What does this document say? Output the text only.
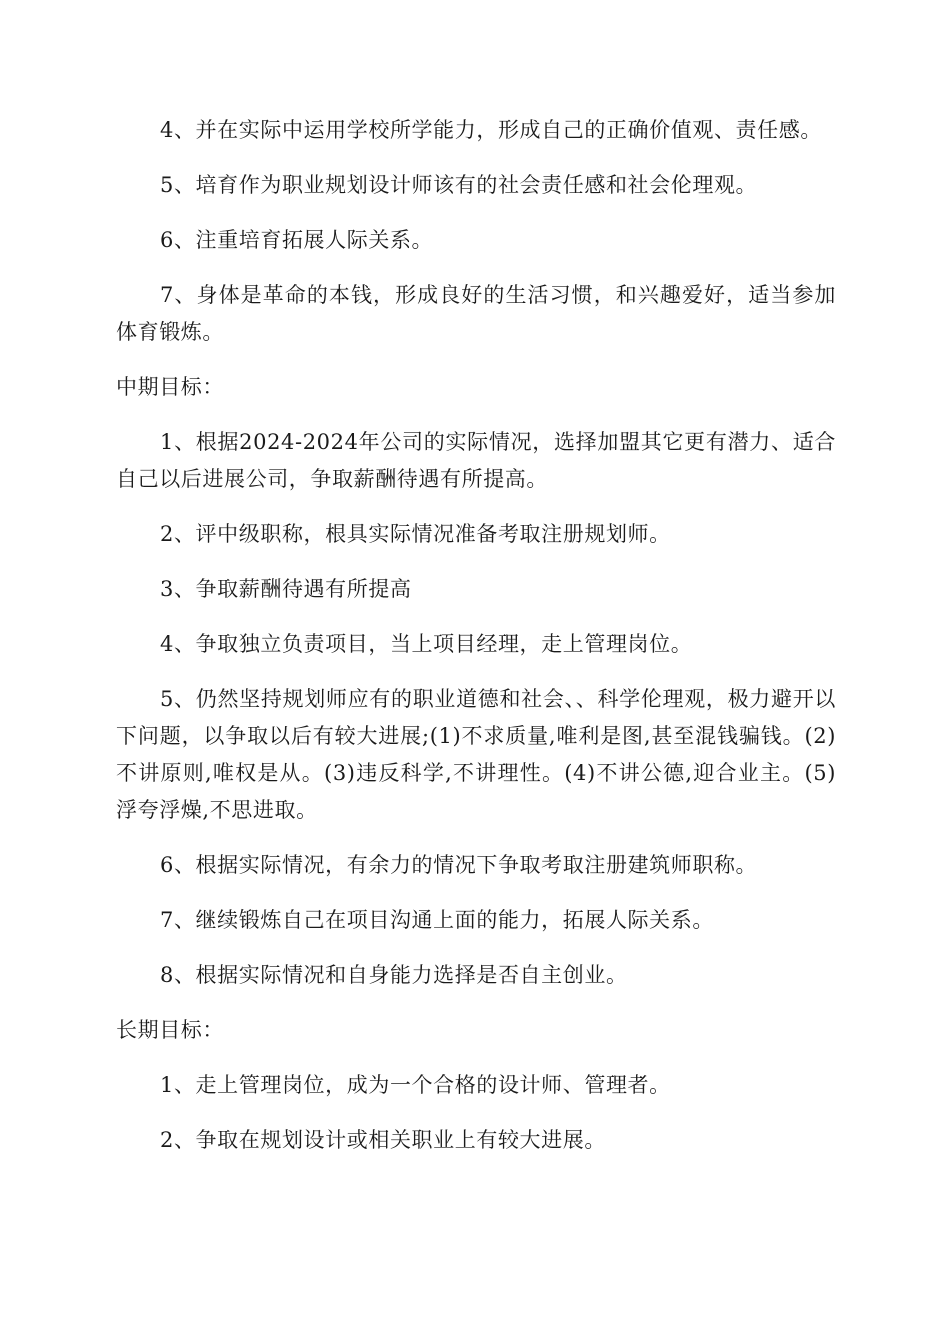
4、并在实际中运用学校所学能力，形成自己的正确价值观、责任感。

5、培育作为职业规划设计师该有的社会责任感和社会伦理观。

6、注重培育拓展人际关系。

7、身体是革命的本钱，形成良好的生活习惯，和兴趣爱好，适当参加体育锻炼。

中期目标：

1、根据2024-2024年公司的实际情况，选择加盟其它更有潜力、适合自己以后进展公司，争取薪酬待遇有所提高。

2、评中级职称，根具实际情况准备考取注册规划师。

3、争取薪酬待遇有所提高

4、争取独立负责项目，当上项目经理，走上管理岗位。

5、仍然坚持规划师应有的职业道德和社会、、科学伦理观，极力避开以下问题，以争取以后有较大进展;(1)不求质量,唯利是图,甚至混钱骗钱。(2)不讲原则,唯权是从。(3)违反科学,不讲理性。(4)不讲公德,迎合业主。(5)浮夸浮燥,不思进取。

6、根据实际情况，有余力的情况下争取考取注册建筑师职称。

7、继续锻炼自己在项目沟通上面的能力，拓展人际关系。

8、根据实际情况和自身能力选择是否自主创业。

长期目标：

1、走上管理岗位，成为一个合格的设计师、管理者。

2、争取在规划设计或相关职业上有较大进展。
